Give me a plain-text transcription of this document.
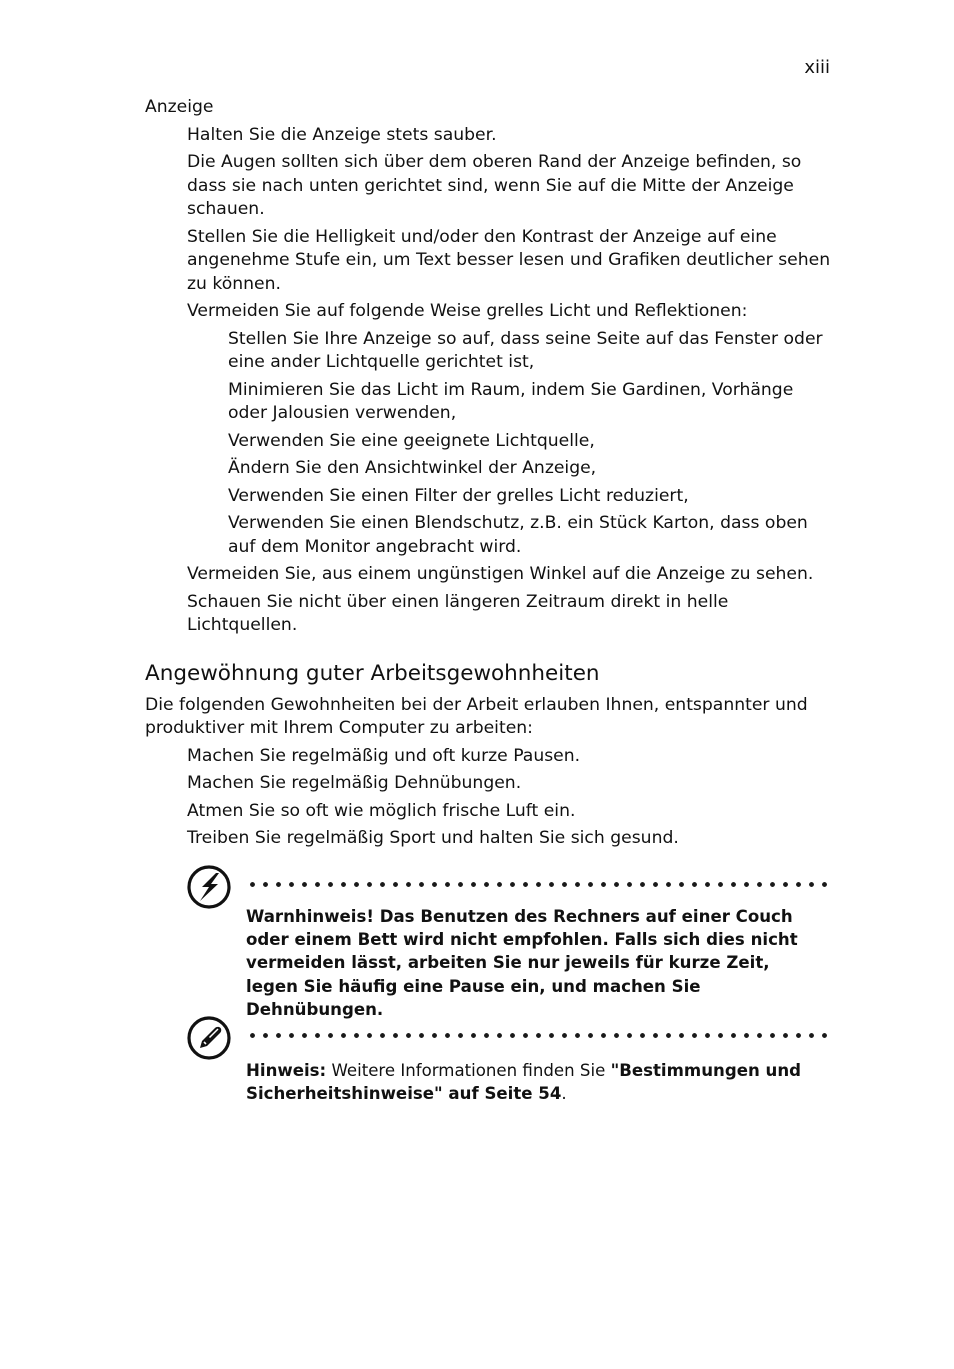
xiii
Anzeige
Halten Sie die Anzeige stets sauber.
Die Augen sollten sich über dem oberen Rand der Anzeige befinden, so dass sie nach unten gerichtet sind, wenn Sie auf die Mitte der Anzeige schauen.
Stellen Sie die Helligkeit und/oder den Kontrast der Anzeige auf eine angenehme Stufe ein, um Text besser lesen und Grafiken deutlicher sehen zu können.
Vermeiden Sie auf folgende Weise grelles Licht und Reflektionen:
Stellen Sie Ihre Anzeige so auf, dass seine Seite auf das Fenster oder eine ander Lichtquelle gerichtet ist,
Minimieren Sie das Licht im Raum, indem Sie Gardinen, Vorhänge oder Jalousien verwenden,
Verwenden Sie eine geeignete Lichtquelle,
Ändern Sie den Ansichtwinkel der Anzeige,
Verwenden Sie einen Filter der grelles Licht reduziert,
Verwenden Sie einen Blendschutz, z.B. ein Stück Karton, dass oben auf dem Monitor angebracht wird.
Vermeiden Sie, aus einem ungünstigen Winkel auf die Anzeige zu sehen.
Schauen Sie nicht über einen längeren Zeitraum direkt in helle Lichtquellen.
Angewöhnung guter Arbeitsgewohnheiten
Die folgenden Gewohnheiten bei der Arbeit erlauben Ihnen, entspannter und produktiver mit Ihrem Computer zu arbeiten:
Machen Sie regelmäßig und oft kurze Pausen.
Machen Sie regelmäßig Dehnübungen.
Atmen Sie so oft wie möglich frische Luft ein.
Treiben Sie regelmäßig Sport und halten Sie sich gesund.
Warnhinweis! Das Benutzen des Rechners auf einer Couch oder einem Bett wird nicht empfohlen. Falls sich dies nicht vermeiden lässt, arbeiten Sie nur jeweils für kurze Zeit, legen Sie häufig eine Pause ein, und machen Sie Dehnübungen.
Hinweis: Weitere Informationen finden Sie "Bestimmungen und Sicherheitshinweise" auf Seite 54.
